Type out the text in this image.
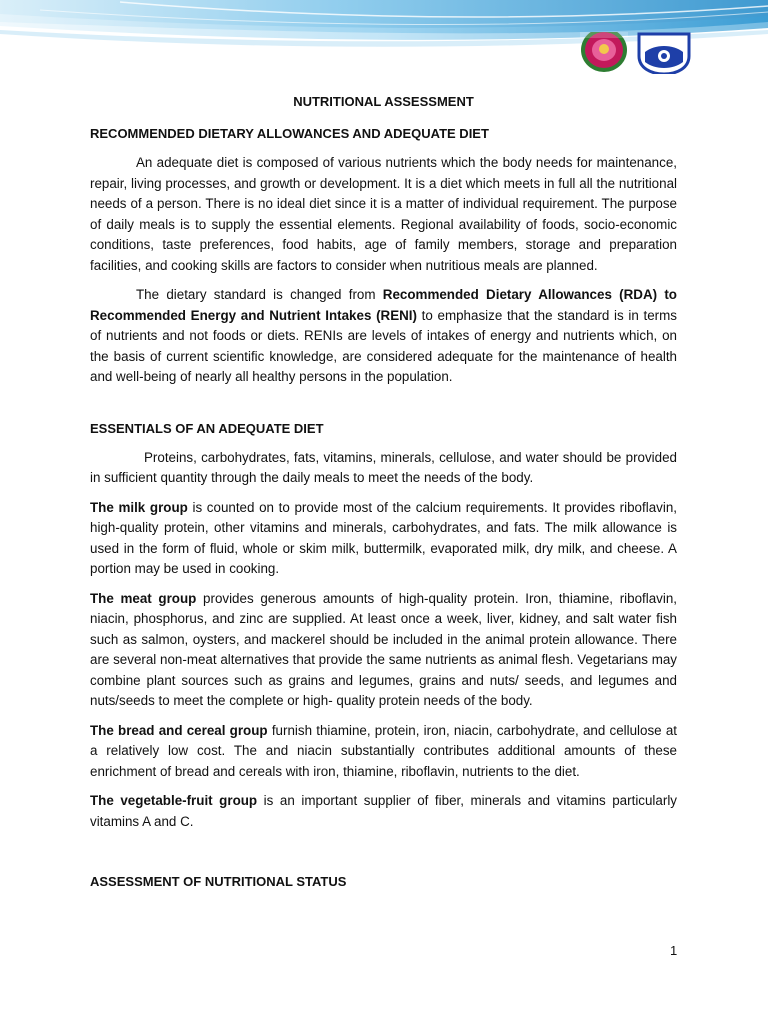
NUTRITIONAL ASSESSMENT
RECOMMENDED DIETARY ALLOWANCES AND ADEQUATE DIET

An adequate diet is composed of various nutrients which the body needs for maintenance, repair, living processes, and growth or development. It is a diet which meets in full all the nutritional needs of a person. There is no ideal diet since it is a matter of individual requirement. The purpose of daily meals is to supply the essential elements. Regional availability of foods, socio-economic conditions, taste preferences, food habits, age of family members, storage and preparation facilities, and cooking skills are factors to consider when nutritious meals are planned.

The dietary standard is changed from Recommended Dietary Allowances (RDA) to Recommended Energy and Nutrient Intakes (RENI) to emphasize that the standard is in terms of nutrients and not foods or diets. RENIs are levels of intakes of energy and nutrients which, on the basis of current scientific knowledge, are considered adequate for the maintenance of health and well-being of nearly all healthy persons in the population.

ESSENTIALS OF AN ADEQUATE DIET

Proteins, carbohydrates, fats, vitamins, minerals, cellulose, and water should be provided in sufficient quantity through the daily meals to meet the needs of the body.

The milk group is counted on to provide most of the calcium requirements. It provides riboflavin, high-quality protein, other vitamins and minerals, carbohydrates, and fats. The milk allowance is used in the form of fluid, whole or skim milk, buttermilk, evaporated milk, dry milk, and cheese. A portion may be used in cooking.

The meat group provides generous amounts of high-quality protein. Iron, thiamine, riboflavin, niacin, phosphorus, and zinc are supplied. At least once a week, liver, kidney, and salt water fish such as salmon, oysters, and mackerel should be included in the animal protein allowance. There are several non-meat alternatives that provide the same nutrients as animal flesh. Vegetarians may combine plant sources such as grains and legumes, grains and nuts/ seeds, and legumes and nuts/seeds to meet the complete or high- quality protein needs of the body.

The bread and cereal group furnish thiamine, protein, iron, niacin, carbohydrate, and cellulose at a relatively low cost. The and niacin substantially contributes additional amounts of these enrichment of bread and cereals with iron, thiamine, riboflavin, nutrients to the diet.

The vegetable-fruit group is an important supplier of fiber, minerals and vitamins particularly vitamins A and C.

ASSESSMENT OF NUTRITIONAL STATUS
1
